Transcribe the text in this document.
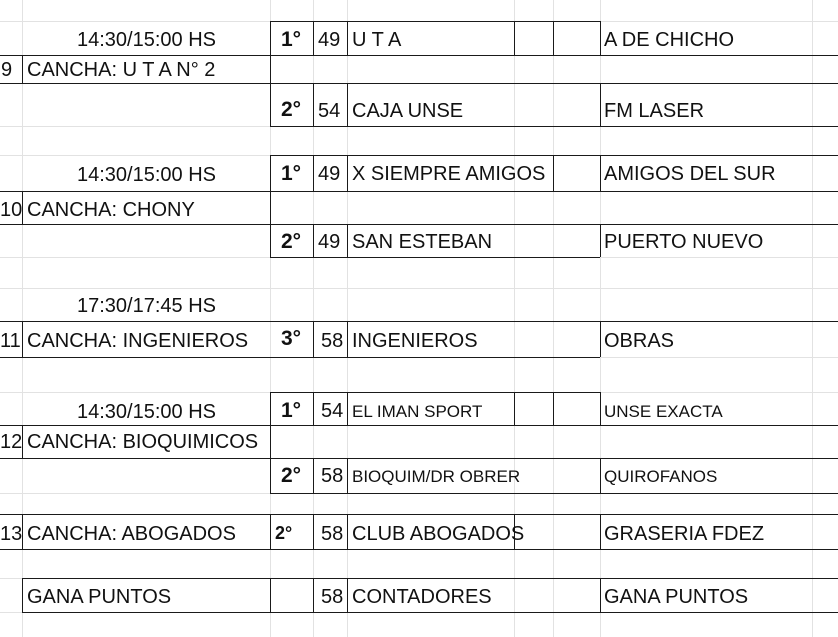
14:30/15:00 HS
9 CANCHA: U T A N° 2
1° 49 U T A	A DE CHICHO
2° 54 CAJA UNSE	FM LASER
14:30/15:00 HS
10 CANCHA: CHONY
1° 49 X SIEMPRE AMIGOS	AMIGOS DEL SUR
2° 49 SAN ESTEBAN	PUERTO NUEVO
17:30/17:45 HS
11 CANCHA: INGENIEROS 3° 58 INGENIEROS	OBRAS
14:30/15:00 HS
12 CANCHA: BIOQUIMICOS
1° 54 EL IMAN SPORT	UNSE EXACTA
2° 58 BIOQUIM/DR OBRER	QUIROFANOS
13 CANCHA: ABOGADOS 2° 58 CLUB ABOGADOS	GRASERIA FDEZ
GANA PUNTOS	58 CONTADORES	GANA PUNTOS
